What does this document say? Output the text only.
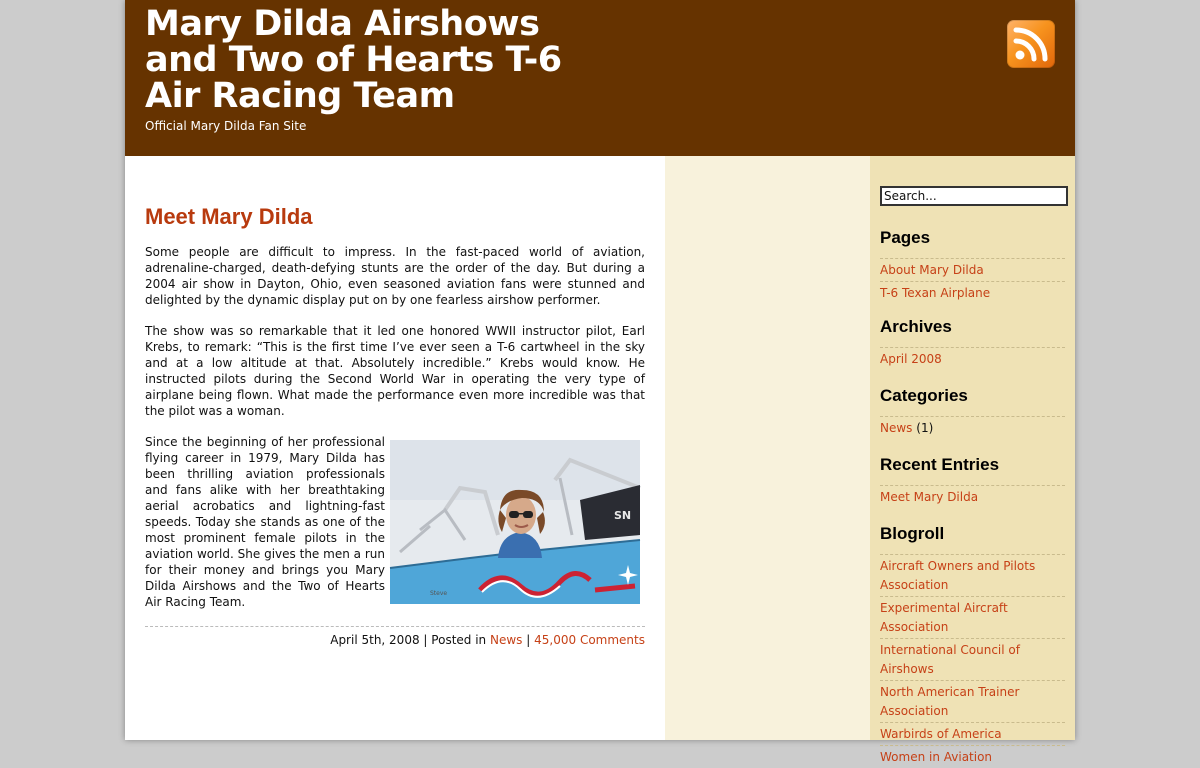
Mary Dilda Airshows and Two of Hearts T-6 Air Racing Team

Official Mary Dilda Fan Site

Meet Mary Dilda

Some people are difficult to impress. In the fast-paced world of aviation, adrenaline-charged, death-defying stunts are the order of the day. But during a 2004 air show in Dayton, Ohio, even seasoned aviation fans were stunned and delighted by the dynamic display put on by one fearless airshow performer.

The show was so remarkable that it led one honored WWII instructor pilot, Earl Krebs, to remark: “This is the first time I’ve ever seen a T-6 cartwheel in the sky and at a low altitude at that. Absolutely incredible.” Krebs would know. He instructed pilots during the Second World War in operating the very type of airplane being flown. What made the performance even more incredible was that the pilot was a woman.

Since the beginning of her professional flying career in 1979, Mary Dilda has been thrilling aviation professionals and fans alike with her breathtaking aerial acrobatics and lightning-fast speeds. Today she stands as one of the most prominent female pilots in the aviation world. She gives the men a run for their money and brings you Mary Dilda Airshows and the Two of Hearts Air Racing Team.

SN
Steve
April 5th, 2008 | Posted in News | 45,000 Comments
Search...
Pages
About Mary Dilda
T-6 Texan Airplane
Archives
April 2008
Categories
News (1)
Recent Entries
Meet Mary Dilda
Blogroll
Aircraft Owners and Pilots Association
Experimental Aircraft Association
International Council of Airshows
North American Trainer Association
Warbirds of America
Women in Aviation
